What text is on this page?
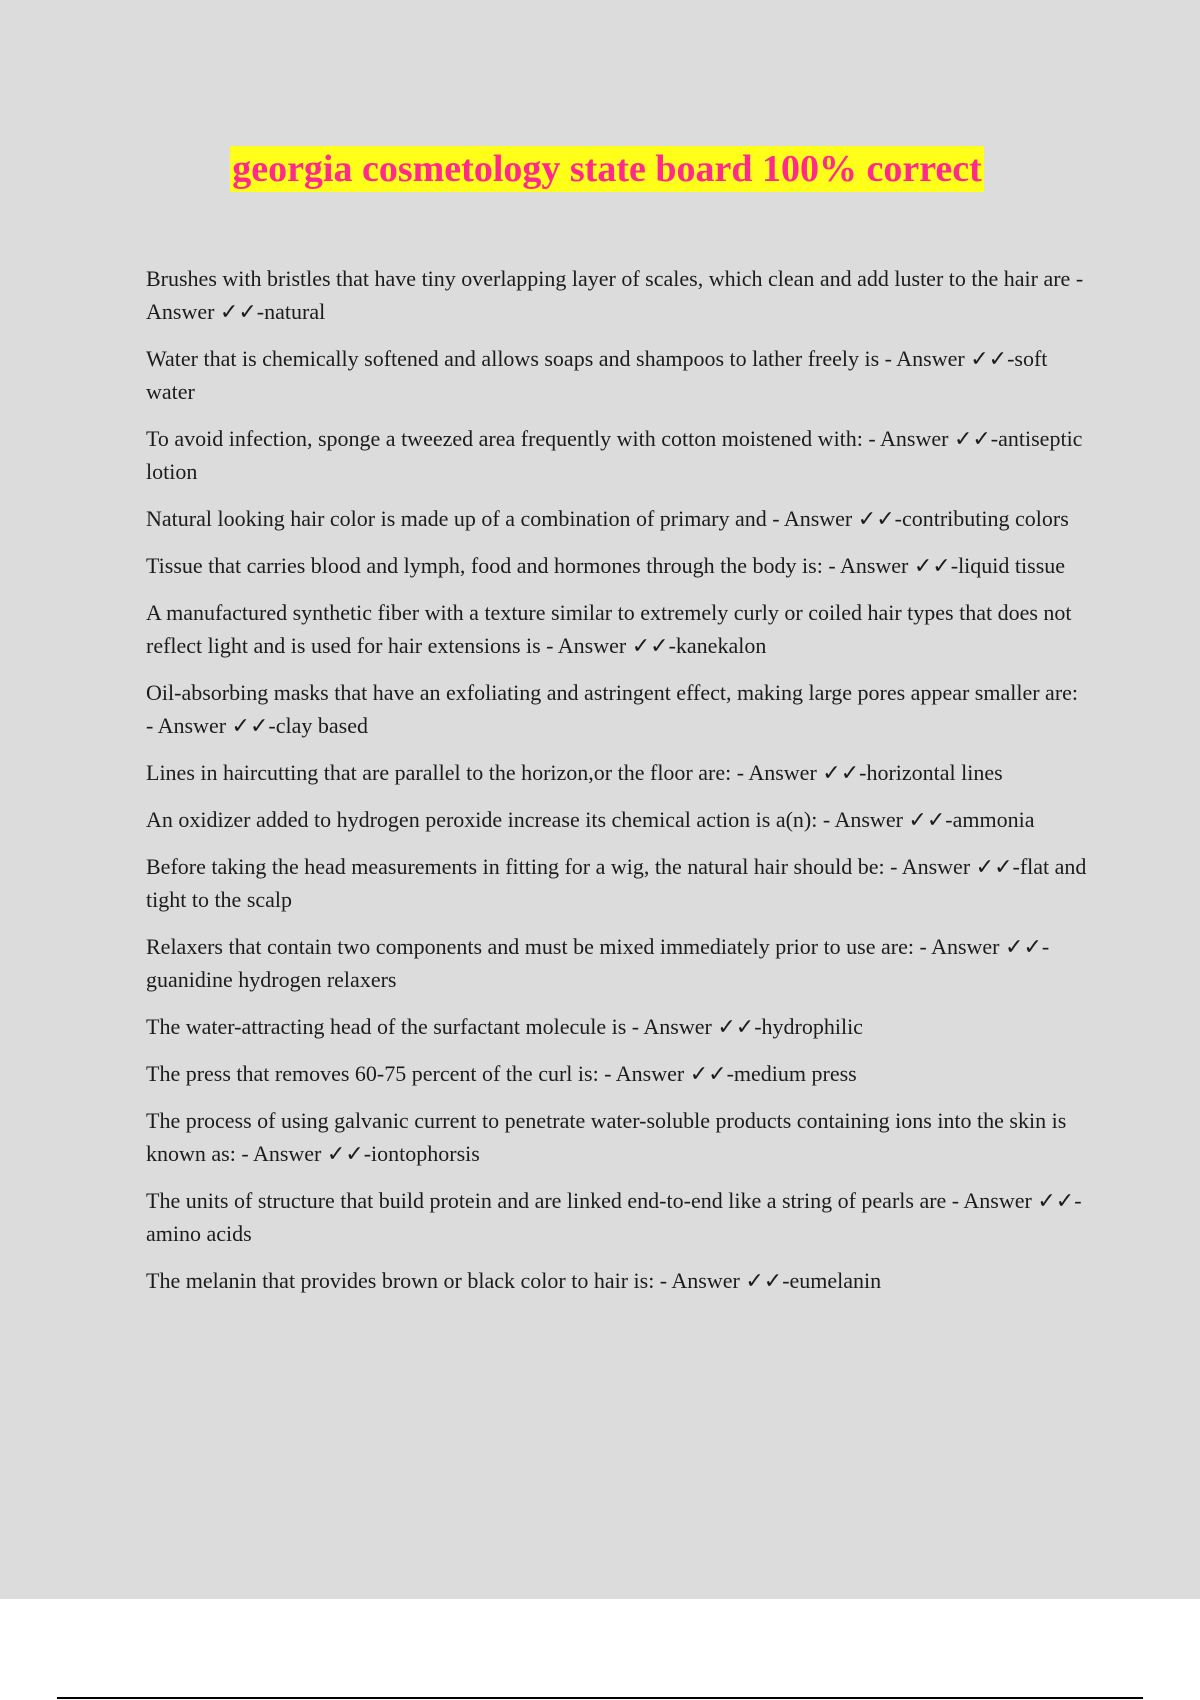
georgia cosmetology state board 100% correct

Brushes with bristles that have tiny overlapping layer of scales, which clean and add luster to the hair are - Answer ✓✓-natural

Water that is chemically softened and allows soaps and shampoos to lather freely is - Answer ✓✓-soft water

To avoid infection, sponge a tweezed area frequently with cotton moistened with: - Answer ✓✓-antiseptic lotion

Natural looking hair color is made up of a combination of primary and - Answer ✓✓-contributing colors

Tissue that carries blood and lymph, food and hormones through the body is: - Answer ✓✓-liquid tissue

A manufactured synthetic fiber with a texture similar to extremely curly or coiled hair types that does not reflect light and is used for hair extensions is - Answer ✓✓-kanekalon

Oil-absorbing masks that have an exfoliating and astringent effect, making large pores appear smaller are: - Answer ✓✓-clay based

Lines in haircutting that are parallel to the horizon,or the floor are: - Answer ✓✓-horizontal lines

An oxidizer added to hydrogen peroxide increase its chemical action is a(n): - Answer ✓✓-ammonia

Before taking the head measurements in fitting for a wig, the natural hair should be: - Answer ✓✓-flat and tight to the scalp

Relaxers that contain two components and must be mixed immediately prior to use are: - Answer ✓✓-guanidine hydrogen relaxers

The water-attracting head of the surfactant molecule is - Answer ✓✓-hydrophilic

The press that removes 60-75 percent of the curl is: - Answer ✓✓-medium press

The process of using galvanic current to penetrate water-soluble products containing ions into the skin is known as: - Answer ✓✓-iontophorsis

The units of structure that build protein and are linked end-to-end like a string of pearls are - Answer ✓✓-amino acids

The melanin that provides brown or black color to hair is: - Answer ✓✓-eumelanin
